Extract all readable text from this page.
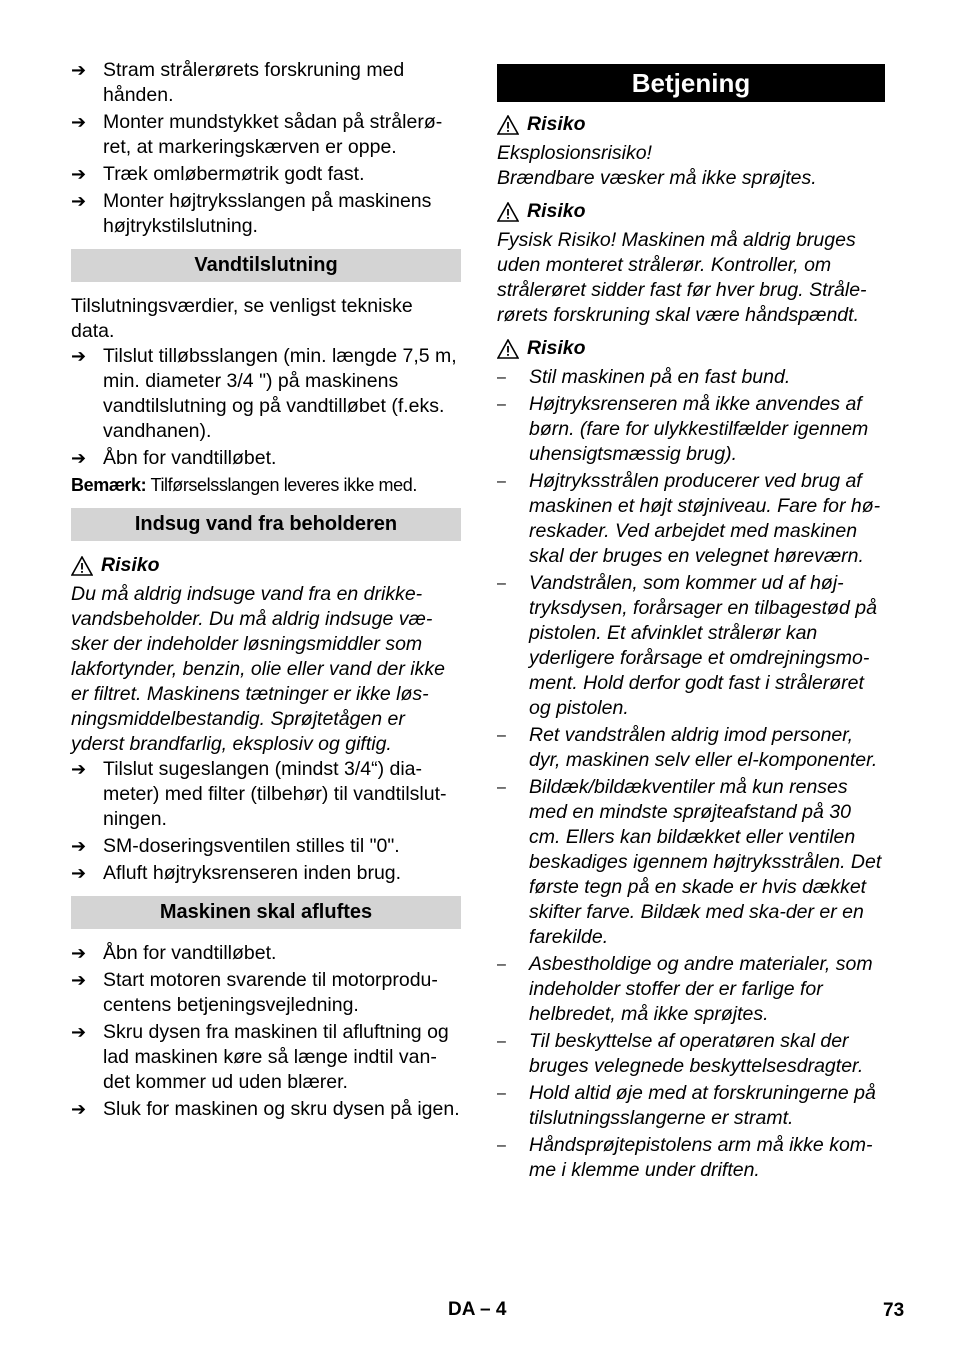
➔ Stram strålerørets forskruning med hånden.
➔ Monter mundstykket sådan på strålerø-ret, at markeringskærven er oppe.
➔ Træk omløbermøtrik godt fast.
➔ Monter højtryksslangen på maskinens højtrykstilslutning.
Vandtilslutning

Tilslutningsværdier, se venligst tekniske data.

➔ Tilslut tilløbsslangen (min. længde 7,5 m, min. diameter 3/4 ") på maskinens vandtilslutning og på vandtilløbet (f.eks. vandhanen).
➔ Åbn for vandtilløbet.

Bemærk: Tilførselsslangen leveres ikke med.

Indsug vand fra beholderen
Risiko

Du må aldrig indsuge vand fra en drikke-vandsbeholder. Du må aldrig indsuge væ-sker der indeholder løsningsmiddler som lakfortynder, benzin, olie eller vand der ikke er filtret. Maskinens tætninger er ikke løs-ningsmiddelbestandig. Sprøjtetågen er yderst brandfarlig, eksplosiv og giftig.

➔ Tilslut sugeslangen (mindst 3/4“) dia-meter) med filter (tilbehør) til vandtilslut-ningen.
➔ SM-doseringsventilen stilles til "0".
➔ Afluft højtryksrenseren inden brug.
Maskinen skal afluftes
➔ Åbn for vandtilløbet.
➔ Start motoren svarende til motorprodu-centens betjeningsvejledning.
➔ Skru dysen fra maskinen til afluftning og lad maskinen køre så længe indtil van-det kommer ud uden blærer.
➔ Sluk for maskinen og skru dysen på igen.
Betjening
Risiko

Eksplosionsrisiko!

Brændbare væsker må ikke sprøjtes.

Risiko

Fysisk Risiko! Maskinen må aldrig bruges uden monteret strålerør. Kontroller, om strålerøret sidder fast før hver brug. Stråle-rørets forskruning skal være håndspændt.

Risiko
– Stil maskinen på en fast bund.
– Højtryksrenseren må ikke anvendes af børn. (fare for ulykkestilfælder igennem uhensigtsmæssig brug).
– Højtryksstrålen producerer ved brug af maskinen et højt støjniveau. Fare for hø-reskader. Ved arbejdet med maskinen skal der bruges en velegnet høreværn.
– Vandstrålen, som kommer ud af høj-tryksdysen, forårsager en tilbagestød på pistolen. Et afvinklet strålerør kan yderligere forårsage et omdrejningsmo-ment. Hold derfor godt fast i strålerøret og pistolen.
– Ret vandstrålen aldrig imod personer, dyr, maskinen selv eller el-komponenter.
– Bildæk/bildækventiler må kun renses med en mindste sprøjteafstand på 30 cm. Ellers kan bildækket eller ventilen beskadiges igennem højtryksstrålen. Det første tegn på en skade er hvis dækket skifter farve. Bildæk med ska-der er en farekilde.
– Asbestholdige og andre materialer, som indeholder stoffer der er farlige for helbredet, må ikke sprøjtes.
– Til beskyttelse af operatøren skal der bruges velegnede beskyttelsesdragter.
– Hold altid øje med at forskruningerne på tilslutningsslangerne er stramt.
– Håndsprøjtepistolens arm må ikke kom-me i klemme under driften.
DA – 4	73
